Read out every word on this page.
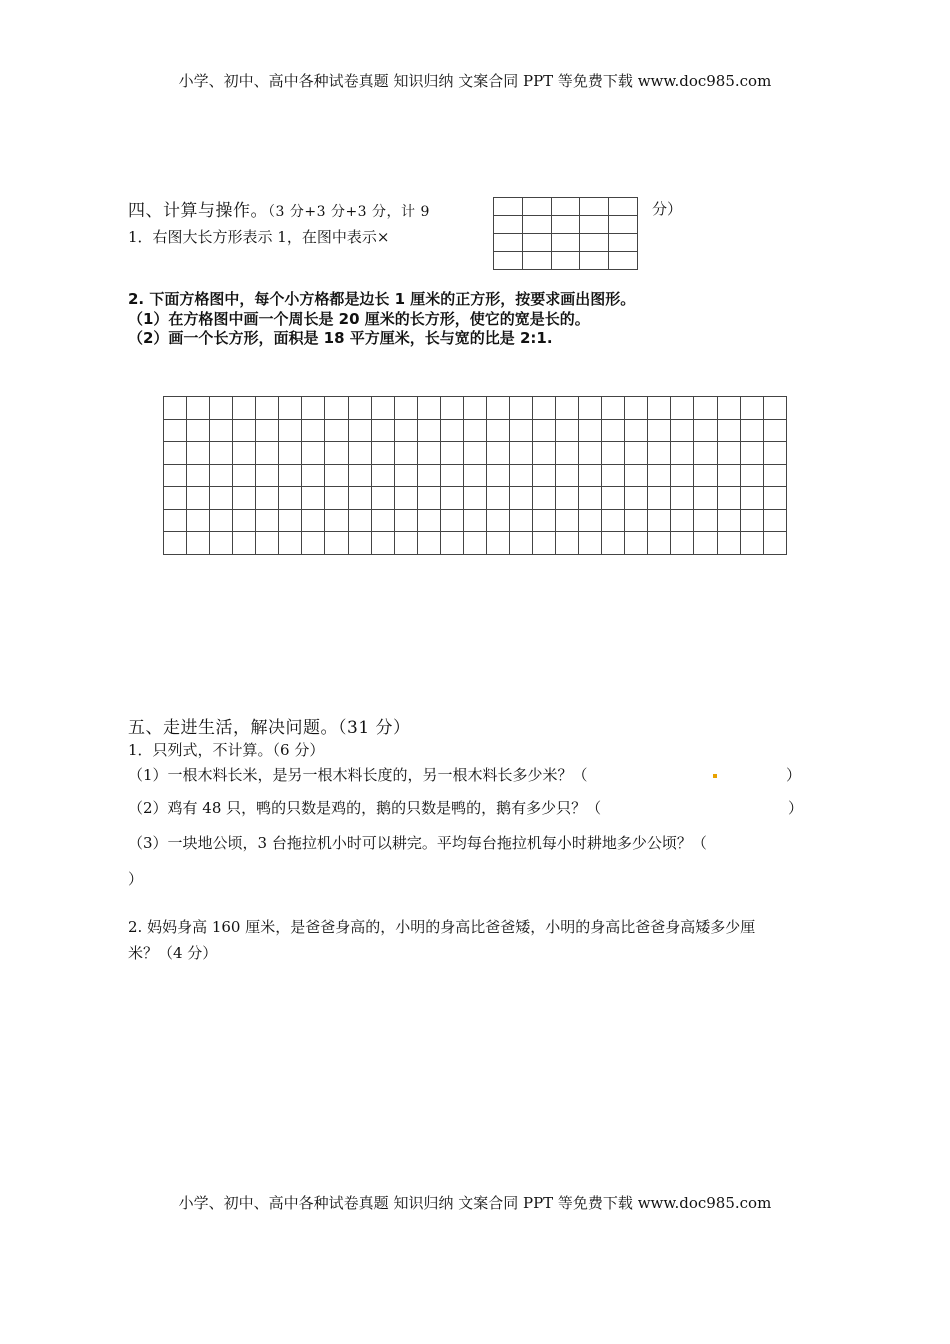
小学、初中、高中各种试卷真题 知识归纳 文案合同 PPT 等免费下载 www.doc985.com
四、计算与操作。（3 分+3 分+3 分，计 9	分）
1．右图大长方形表示 1，在图中表示×

2. 下面方格图中，每个小方格都是边长 1 厘米的正方形，按要求画出图形。
（1）在方格图中画一个周长是 20 厘米的长方形，使它的宽是长的。
（2）画一个长方形，面积是 18 平方厘米，长与宽的比是 2:1.

五、走进生活，解决问题。（31 分）
1．只列式，不计算。（6 分）
（1）一根木料长米，是另一根木料长度的，另一根木料长多少米？（	）
（2）鸡有 48 只，鸭的只数是鸡的，鹅的只数是鸭的，鹅有多少只？（	）
（3）一块地公顷，3 台拖拉机小时可以耕完。平均每台拖拉机每小时耕地多少公顷？（
）
2. 妈妈身高 160 厘米，是爸爸身高的，小明的身高比爸爸矮，小明的身高比爸爸身高矮多少厘
米？（4 分）
小学、初中、高中各种试卷真题 知识归纳 文案合同 PPT 等免费下载 www.doc985.com
